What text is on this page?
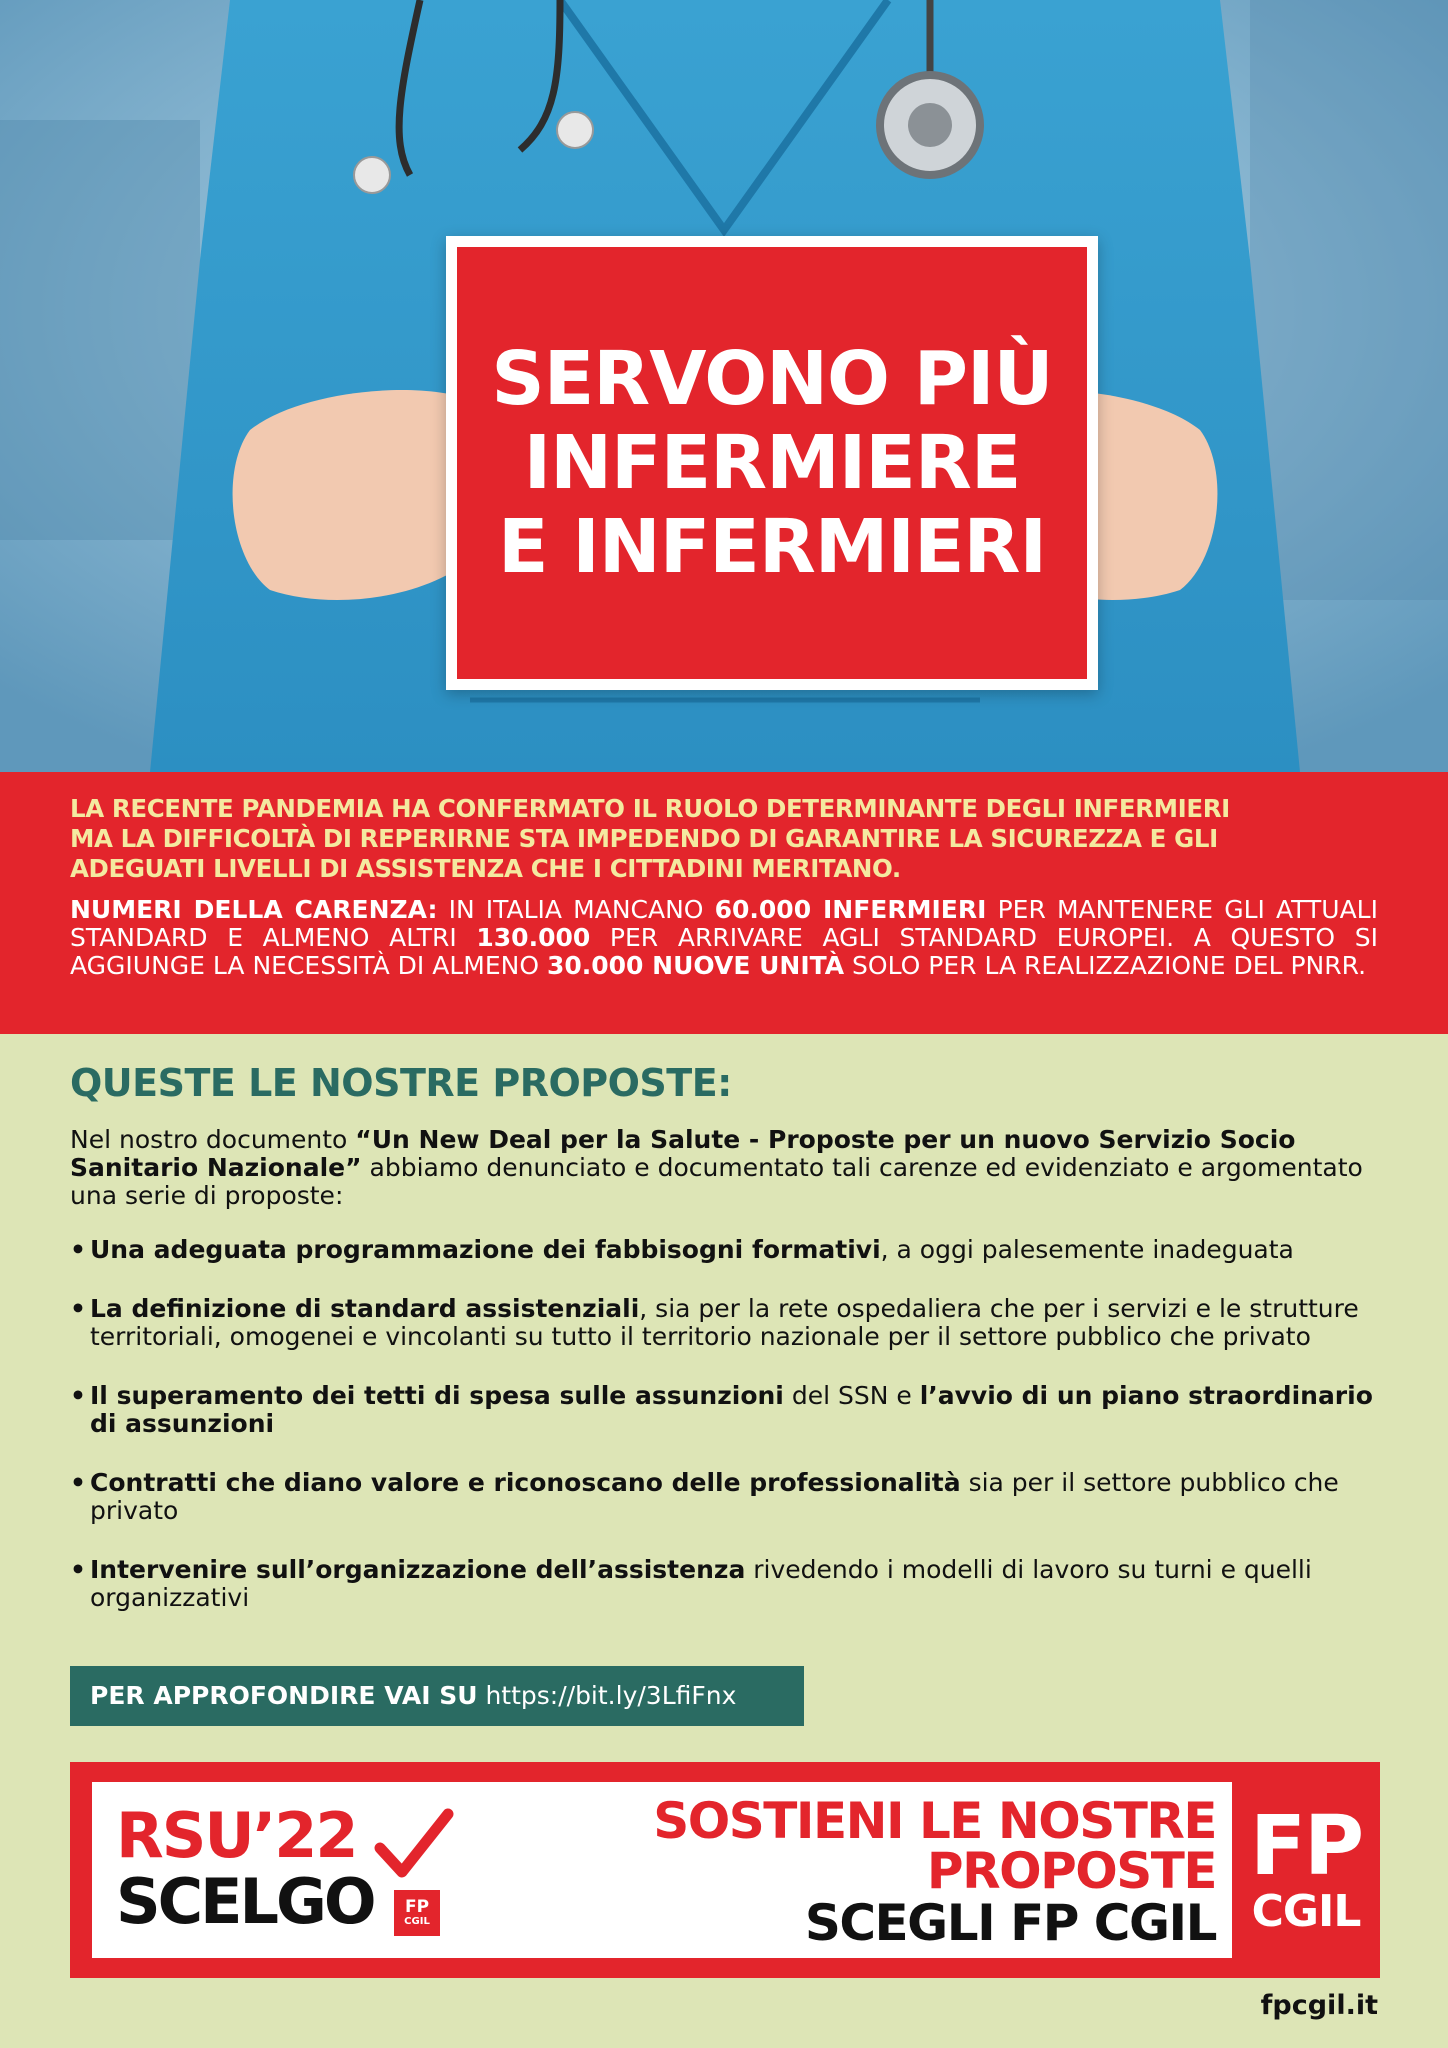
SERVONO PIÙ
INFERMIERE
E INFERMIERI
LA RECENTE PANDEMIA HA CONFERMATO IL RUOLO DETERMINANTE DEGLI INFERMIERI
MA LA DIFFICOLTÀ DI REPERIRNE STA IMPEDENDO DI GARANTIRE LA SICUREZZA E GLI
ADEGUATI LIVELLI DI ASSISTENZA CHE I CITTADINI MERITANO.

NUMERI DELLA CARENZA: IN ITALIA MANCANO 60.000 INFERMIERI PER MANTENERE GLI ATTUALI STANDARD E ALMENO ALTRI 130.000 PER ARRIVARE AGLI STANDARD EUROPEI. A QUESTO SI AGGIUNGE LA NECESSITÀ DI ALMENO 30.000 NUOVE UNITÀ SOLO PER LA REALIZZAZIONE DEL PNRR.

QUESTE LE NOSTRE PROPOSTE:

Nel nostro documento “Un New Deal per la Salute - Proposte per un nuovo Servizio Socio Sanitario Nazionale” abbiamo denunciato e documentato tali carenze ed evidenziato e argomentato una serie di proposte:

• Una adeguata programmazione dei fabbisogni formativi, a oggi palesemente inadeguata
• La definizione di standard assistenziali, sia per la rete ospedaliera che per i servizi e le strutture territoriali, omogenei e vincolanti su tutto il territorio nazionale per il settore pubblico che privato
• Il superamento dei tetti di spesa sulle assunzioni del SSN e l’avvio di un piano straordinario di assunzioni
• Contratti che diano valore e riconoscano delle professionalità sia per il settore pubblico che privato
• Intervenire sull’organizzazione dell’assistenza rivedendo i modelli di lavoro su turni e quelli organizzativi
PER APPROFONDIRE VAI SU https://bit.ly/3LfiFnx
RSU’22
SCELGO FP
CGIL
SOSTIENI LE NOSTRE
PROPOSTE
SCEGLI FP CGIL
FP
CGIL
fpcgil.it
